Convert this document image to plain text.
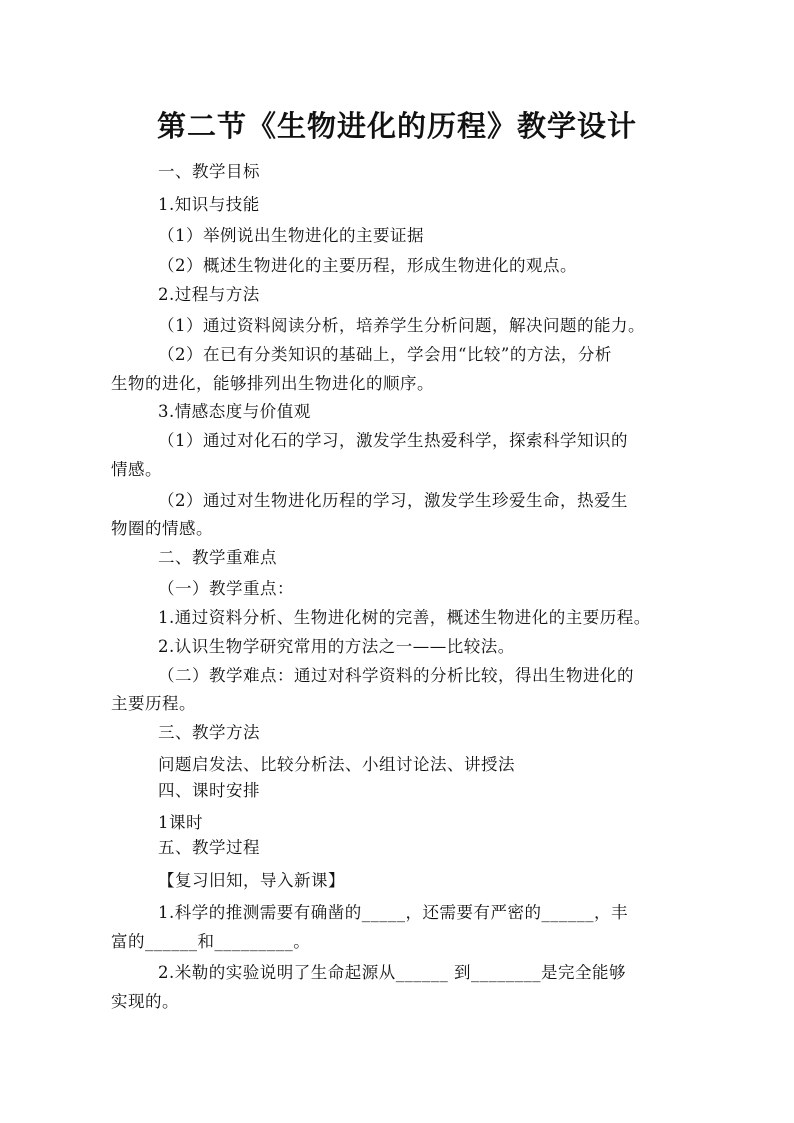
第二节《生物进化的历程》教学设计
一、教学目标
1.知识与技能
（1）举例说出生物进化的主要证据
（2）概述生物进化的主要历程，形成生物进化的观点。
2.过程与方法
（1）通过资料阅读分析，培养学生分析问题，解决问题的能力。
（2）在已有分类知识的基础上，学会用“比较”的方法，分析
生物的进化，能够排列出生物进化的顺序。
3.情感态度与价值观
（1）通过对化石的学习，激发学生热爱科学，探索科学知识的
情感。
（2）通过对生物进化历程的学习，激发学生珍爱生命，热爱生
物圈的情感。
二、教学重难点
（一）教学重点：
1.通过资料分析、生物进化树的完善，概述生物进化的主要历程。
2.认识生物学研究常用的方法之一——比较法。
（二）教学难点：通过对科学资料的分析比较，得出生物进化的
主要历程。
三、教学方法
问题启发法、比较分析法、小组讨论法、讲授法
四、课时安排
1课时
五、教学过程
【复习旧知，导入新课】
1.科学的推测需要有确凿的_____，还需要有严密的______，丰
富的______和_________。
2.米勒的实验说明了生命起源从______ 到________是完全能够
实现的。
